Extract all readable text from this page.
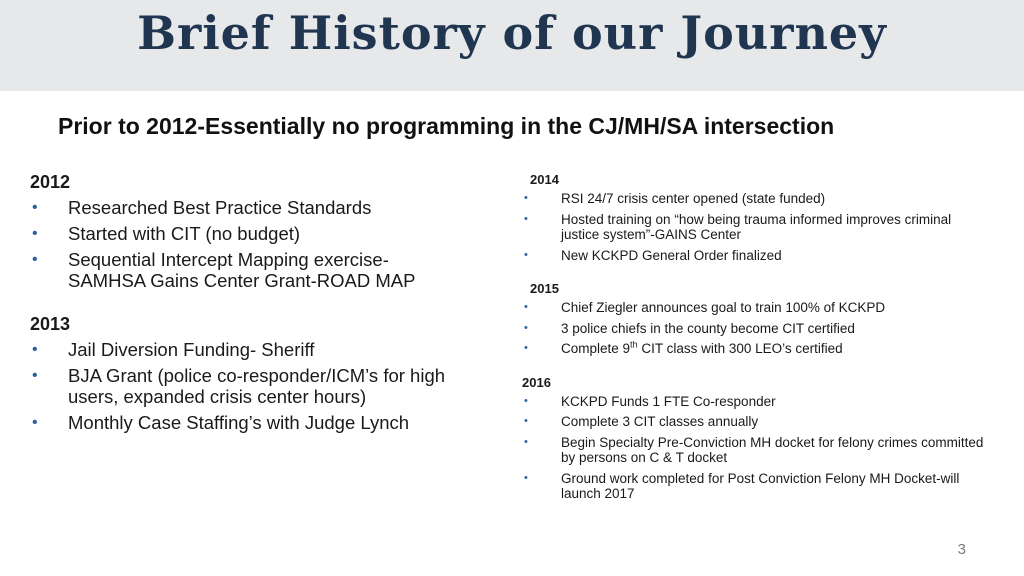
Brief History of our Journey

Prior to 2012-Essentially no programming in the CJ/MH/SA intersection

2012

• Researched Best Practice Standards
• Started with CIT (no budget)
• Sequential Intercept Mapping exercise-SAMHSA Gains Center Grant-ROAD MAP

2013

• Jail Diversion Funding- Sheriff
• BJA Grant (police co-responder/ICM’s for high users, expanded crisis center hours)
• Monthly Case Staffing’s with Judge Lynch

2014

• RSI 24/7 crisis center opened (state funded)
• Hosted training on “how being trauma informed improves criminal justice system”-GAINS Center
• New KCKPD General Order finalized

2015

• Chief Ziegler announces goal to train 100% of KCKPD
• 3 police chiefs in the county become CIT certified
• Complete 9th CIT class with 300 LEO’s certified

2016

• KCKPD Funds 1 FTE Co-responder
• Complete 3 CIT classes annually
• Begin Specialty Pre-Conviction MH docket for felony crimes committed by persons on C & T docket
• Ground work completed for Post Conviction Felony MH Docket-will launch 2017
3
